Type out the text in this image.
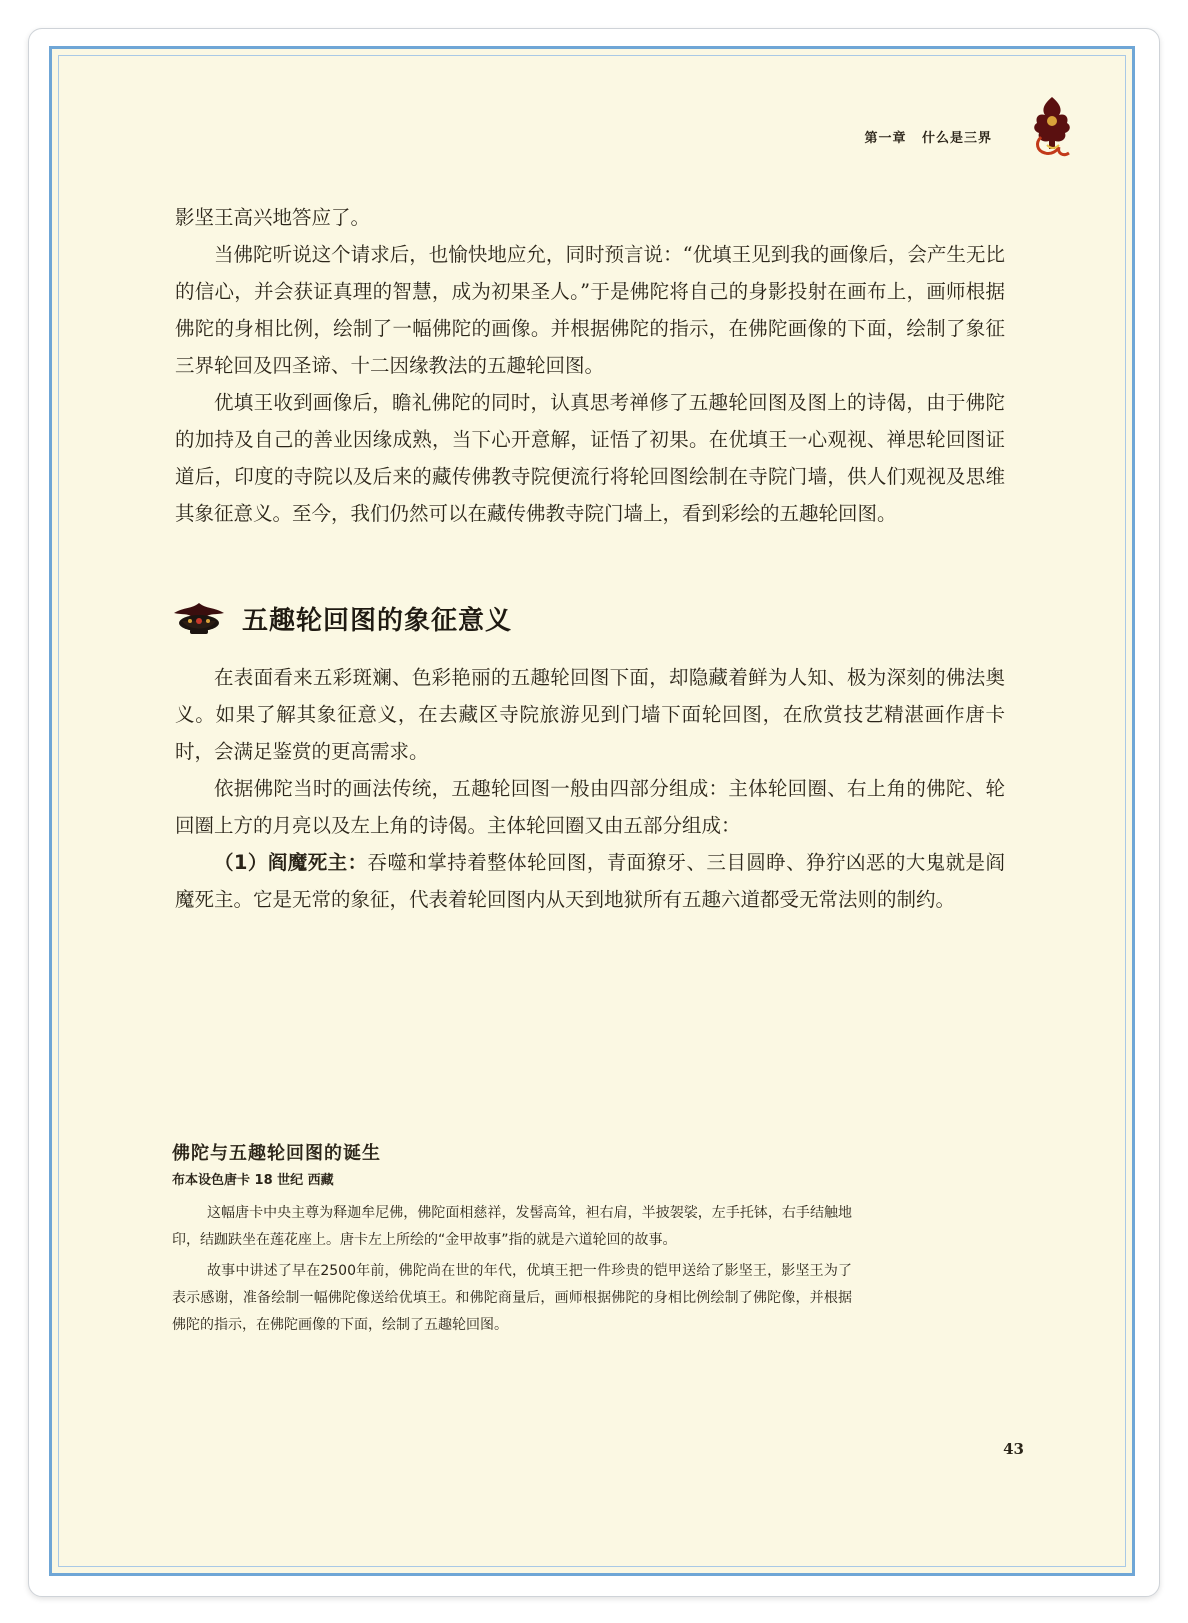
第一章 什么是三界

影坚王高兴地答应了。

当佛陀听说这个请求后，也愉快地应允，同时预言说：“优填王见到我的画像后，会产生无比的信心，并会获证真理的智慧，成为初果圣人。”于是佛陀将自己的身影投射在画布上，画师根据佛陀的身相比例，绘制了一幅佛陀的画像。并根据佛陀的指示，在佛陀画像的下面，绘制了象征三界轮回及四圣谛、十二因缘教法的五趣轮回图。

优填王收到画像后，瞻礼佛陀的同时，认真思考禅修了五趣轮回图及图上的诗偈，由于佛陀的加持及自己的善业因缘成熟，当下心开意解，证悟了初果。在优填王一心观视、禅思轮回图证道后，印度的寺院以及后来的藏传佛教寺院便流行将轮回图绘制在寺院门墙，供人们观视及思维其象征意义。至今，我们仍然可以在藏传佛教寺院门墙上，看到彩绘的五趣轮回图。

五趣轮回图的象征意义

在表面看来五彩斑斓、色彩艳丽的五趣轮回图下面，却隐藏着鲜为人知、极为深刻的佛法奥义。如果了解其象征意义，在去藏区寺院旅游见到门墙下面轮回图，在欣赏技艺精湛画作唐卡时，会满足鉴赏的更高需求。

依据佛陀当时的画法传统，五趣轮回图一般由四部分组成：主体轮回圈、右上角的佛陀、轮回圈上方的月亮以及左上角的诗偈。主体轮回圈又由五部分组成：

（1）阎魔死主：吞噬和掌持着整体轮回图，青面獠牙、三目圆睁、狰狞凶恶的大鬼就是阎魔死主。它是无常的象征，代表着轮回图内从天到地狱所有五趣六道都受无常法则的制约。

佛陀与五趣轮回图的诞生

布本设色唐卡 18 世纪 西藏

这幅唐卡中央主尊为释迦牟尼佛，佛陀面相慈祥，发髻高耸，袒右肩，半披袈裟，左手托钵，右手结触地印，结跏趺坐在莲花座上。唐卡左上所绘的“金甲故事”指的就是六道轮回的故事。

故事中讲述了早在2500年前，佛陀尚在世的年代，优填王把一件珍贵的铠甲送给了影坚王，影坚王为了表示感谢，准备绘制一幅佛陀像送给优填王。和佛陀商量后，画师根据佛陀的身相比例绘制了佛陀像，并根据佛陀的指示，在佛陀画像的下面，绘制了五趣轮回图。

43
